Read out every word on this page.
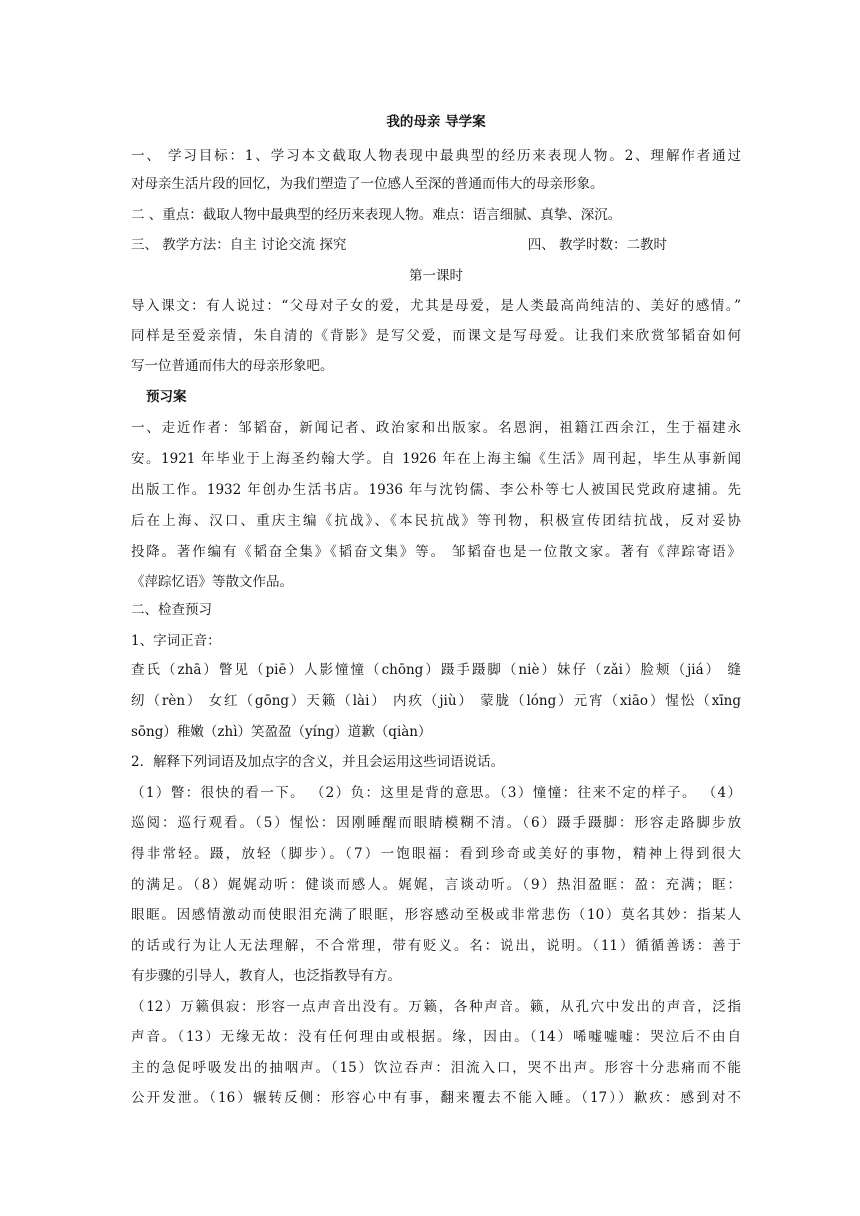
我的母亲 导学案
一、 学习目标：1、学习本文截取人物表现中最典型的经历来表现人物。2、理解作者通过
对母亲生活片段的回忆，为我们塑造了一位感人至深的普通而伟大的母亲形象。
二 、重点：截取人物中最典型的经历来表现人物。难点：语言细腻、真挚、深沉。
三、 教学方法：自主 讨论交流 探究	四、 教学时数：二教时
第一课时
导入课文：有人说过：“父母对子女的爱，尤其是母爱，是人类最高尚纯洁的、美好的感情。”
同样是至爱亲情，朱自清的《背影》是写父爱，而课文是写母爱。让我们来欣赏邹韬奋如何
写一位普通而伟大的母亲形象吧。
预习案
一、走近作者：邹韬奋，新闻记者、政治家和出版家。名恩润，祖籍江西余江，生于福建永
安。1921 年毕业于上海圣约翰大学。自 1926 年在上海主编《生活》周刊起，毕生从事新闻
出版工作。1932 年创办生活书店。1936 年与沈钧儒、李公朴等七人被国民党政府逮捕。先
后在上海、汉口、重庆主编《抗战》、《本民抗战》等刊物，积极宣传团结抗战，反对妥协
投降。著作编有《韬奋全集》《韬奋文集》等。 邹韬奋也是一位散文家。著有《萍踪寄语》
《萍踪忆语》等散文作品。
二、检查预习
1、字词正音：
查氏（zhā）瞥见（piē）人影憧憧（chōng）蹑手蹑脚（niè）妹仔（zǎi）脸颊（jiá） 缝
纫（rèn） 女红（gōng）天籁（lài） 内疚（jiù） 蒙胧（lóng）元宵（xiāo）惺忪（xīng
sōng）稚嫩（zhì）笑盈盈（yíng）道歉（qiàn）
2．解释下列词语及加点字的含义，并且会运用这些词语说话。
（1）瞥：很快的看一下。 （2）负：这里是背的意思。（3）憧憧：往来不定的样子。 （4）
巡阅：巡行观看。（5）惺忪：因刚睡醒而眼睛模糊不清。（6）蹑手蹑脚：形容走路脚步放
得非常轻。蹑，放轻（脚步）。（7）一饱眼福：看到珍奇或美好的事物，精神上得到很大
的满足。（8）娓娓动听：健谈而感人。娓娓，言谈动听。（9）热泪盈眶：盈：充满；眶：
眼眶。因感情激动而使眼泪充满了眼眶，形容感动至极或非常悲伤（10）莫名其妙：指某人
的话或行为让人无法理解，不合常理，带有贬义。名：说出，说明。（11）循循善诱：善于
有步骤的引导人，教育人，也泛指教导有方。
（12）万籁俱寂：形容一点声音出没有。万籁，各种声音。籁，从孔穴中发出的声音，泛指
声音。（13）无缘无故：没有任何理由或根据。缘，因由。（14）唏嘘嘘嘘：哭泣后不由自
主的急促呼吸发出的抽咽声。（15）饮泣吞声：泪流入口，哭不出声。形容十分悲痛而不能
公开发泄。（16）辗转反侧：形容心中有事，翻来覆去不能入睡。（17））歉疚：感到对不
